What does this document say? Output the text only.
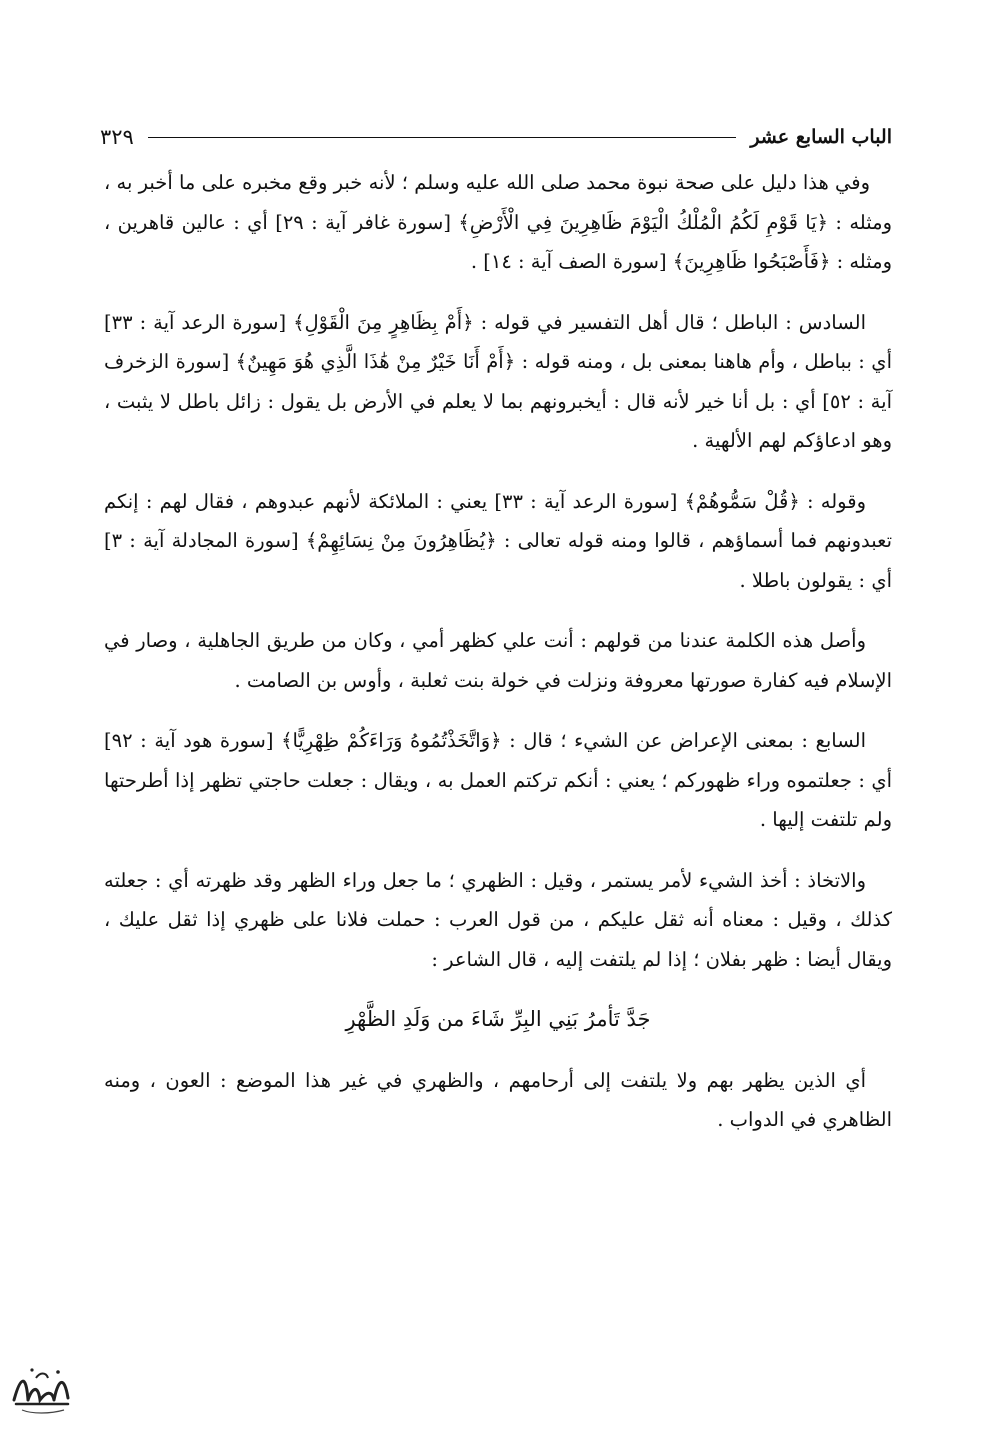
الباب السابع عشر
٣٢٩

وفي هذا دليل على صحة نبوة محمد صلى الله عليه وسلم ؛ لأنه خبر وقع مخبره على ما أخبر به ، ومثله : ﴿يَا قَوْمِ لَكُمُ الْمُلْكُ الْيَوْمَ ظَاهِرِينَ فِي الْأَرْضِ﴾ [سورة غافر آية : ٢٩] أي : عالين قاهرين ، ومثله : ﴿فَأَصْبَحُوا ظَاهِرِينَ﴾ [سورة الصف آية : ١٤] .

السادس : الباطل ؛ قال أهل التفسير في قوله : ﴿أَمْ بِظَاهِرٍ مِنَ الْقَوْلِ﴾ [سورة الرعد آية : ٣٣] أي : بباطل ، وأم هاهنا بمعنى بل ، ومنه قوله : ﴿أَمْ أَنَا خَيْرٌ مِنْ هَٰذَا الَّذِي هُوَ مَهِينٌ﴾ [سورة الزخرف آية : ٥٢] أي : بل أنا خير لأنه قال : أيخبرونهم بما لا يعلم في الأرض بل يقول : زائل باطل لا يثبت ، وهو ادعاؤكم لهم الألهية .

وقوله : ﴿قُلْ سَمُّوهُمْ﴾ [سورة الرعد آية : ٣٣] يعني : الملائكة لأنهم عبدوهم ، فقال لهم : إنكم تعبدونهم فما أسماؤهم ، قالوا ومنه قوله تعالى : ﴿يُظَاهِرُونَ مِنْ نِسَائِهِمْ﴾ [سورة المجادلة آية : ٣] أي : يقولون باطلا .

وأصل هذه الكلمة عندنا من قولهم : أنت علي كظهر أمي ، وكان من طريق الجاهلية ، وصار في الإسلام فيه كفارة صورتها معروفة ونزلت في خولة بنت ثعلبة ، وأوس بن الصامت .

السابع : بمعنى الإعراض عن الشيء ؛ قال : ﴿وَاتَّخَذْتُمُوهُ وَرَاءَكُمْ ظِهْرِيًّا﴾ [سورة هود آية : ٩٢] أي : جعلتموه وراء ظهوركم ؛ يعني : أنكم تركتم العمل به ، ويقال : جعلت حاجتي تظهر إذا أطرحتها ولم تلتفت إليها .

والاتخاذ : أخذ الشيء لأمر يستمر ، وقيل : الظهري ؛ ما جعل وراء الظهر وقد ظهرته أي : جعلته كذلك ، وقيل : معناه أنه ثقل عليكم ، من قول العرب : حملت فلانا على ظهري إذا ثقل عليك ، ويقال أيضا : ظهر بفلان ؛ إذا لم يلتفت إليه ، قال الشاعر :

جَدَّ تَأمرُ بَنِي البِرِّ شَاءَ من وَلَدِ الظَّهْرِ

أي الذين يظهر بهم ولا يلتفت إلى أرحامهم ، والظهري في غير هذا الموضع : العون ، ومنه الظاهري في الدواب .
